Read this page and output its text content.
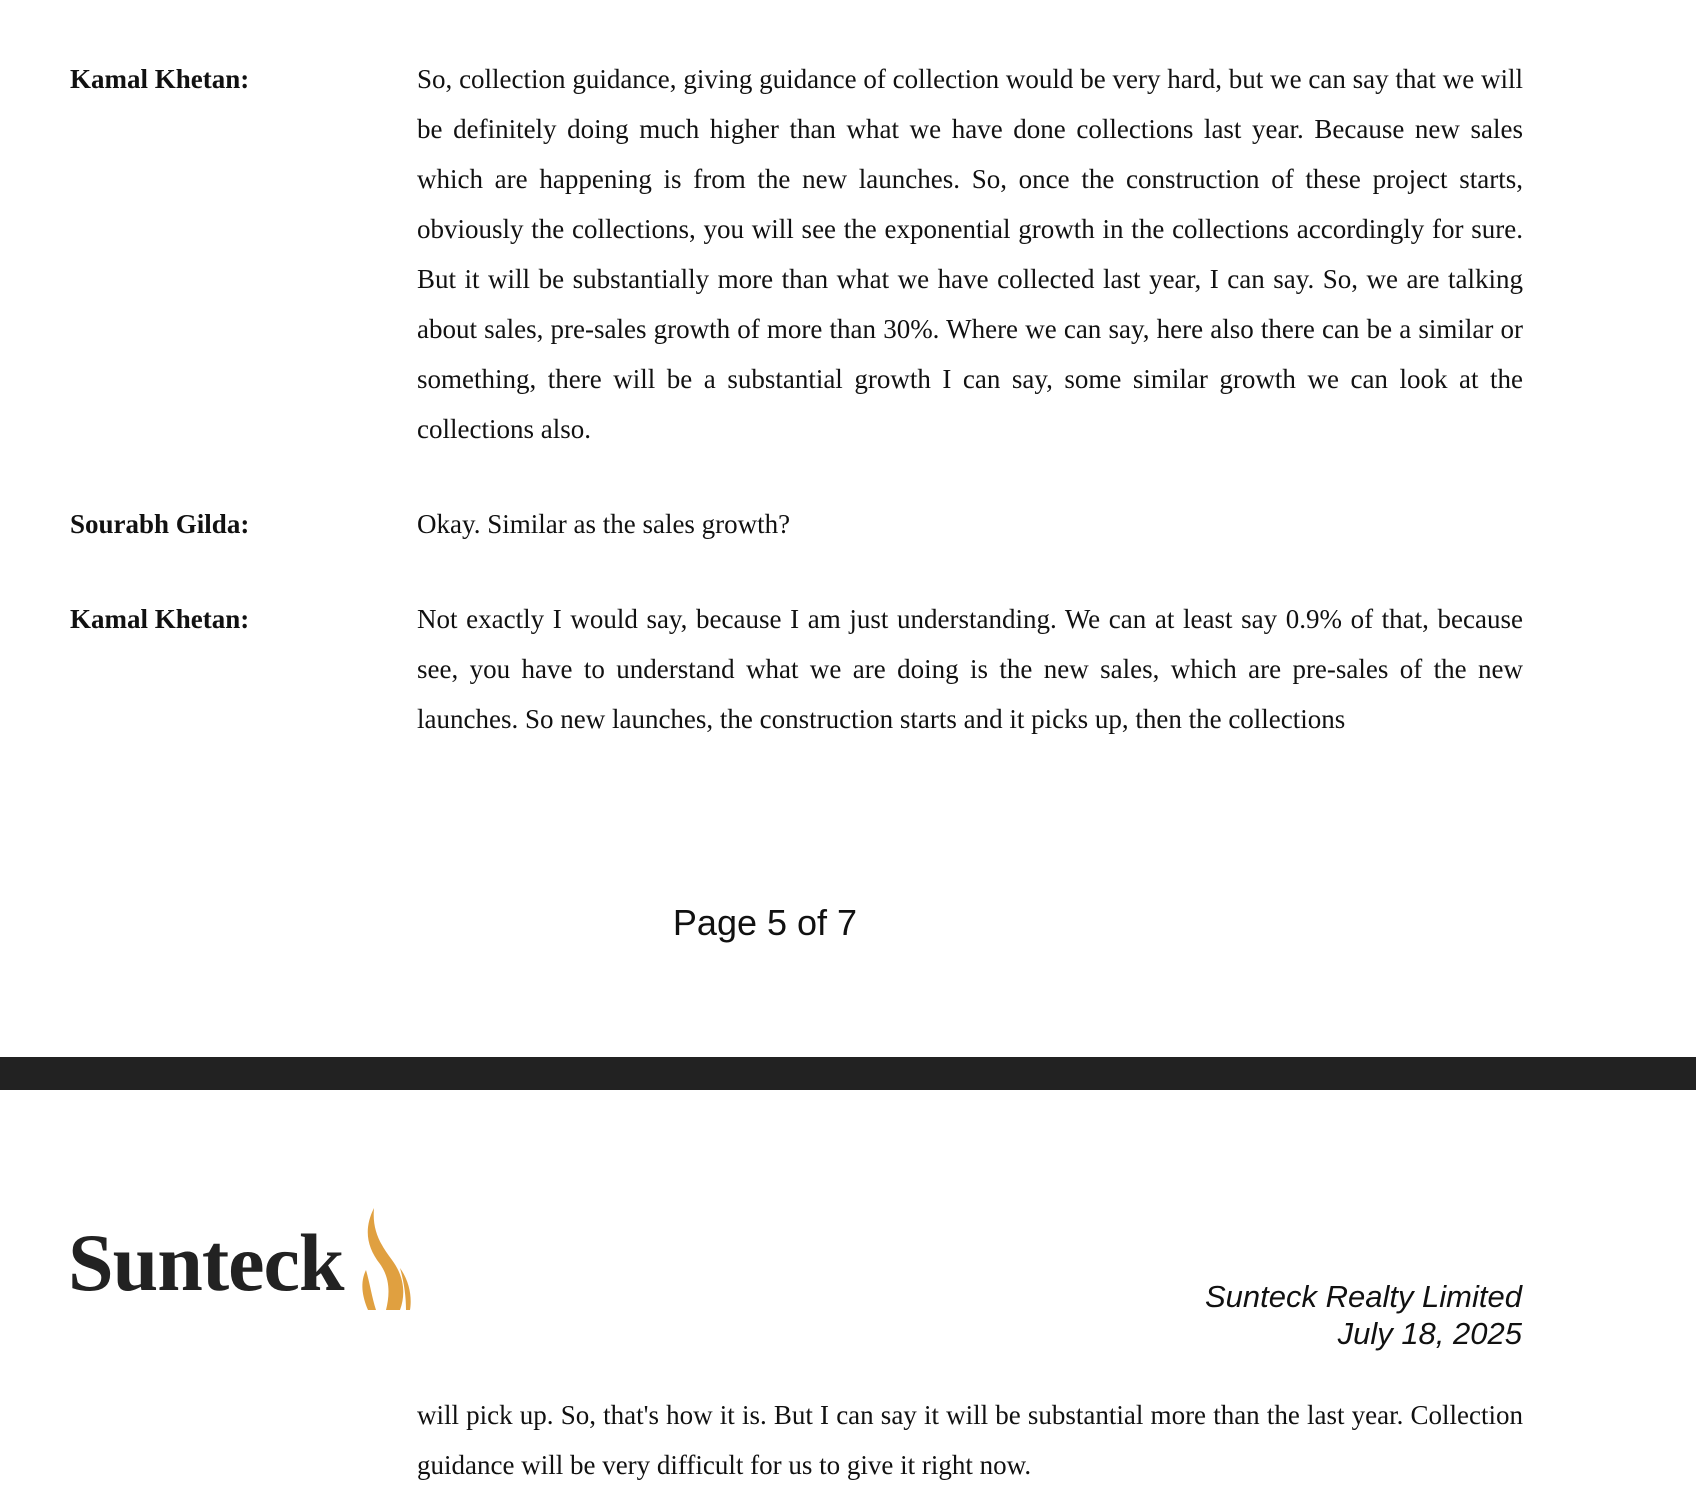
Kamal Khetan:	So, collection guidance, giving guidance of collection would be very hard, but we can say that we will be definitely doing much higher than what we have done collections last year. Because new sales which are happening is from the new launches. So, once the construction of these project starts, obviously the collections, you will see the exponential growth in the collections accordingly for sure. But it will be substantially more than what we have collected last year, I can say. So, we are talking about sales, pre-sales growth of more than 30%. Where we can say, here also there can be a similar or something, there will be a substantial growth I can say, some similar growth we can look at the collections also.
Sourabh Gilda:	Okay. Similar as the sales growth?
Kamal Khetan:	Not exactly I would say, because I am just understanding. We can at least say 0.9% of that, because see, you have to understand what we are doing is the new sales, which are pre-sales of the new launches. So new launches, the construction starts and it picks up, then the collections
Page 5 of 7
Sunteck	Sunteck Realty Limited
July 18, 2025
will pick up. So, that's how it is. But I can say it will be substantial more than the last year. Collection guidance will be very difficult for us to give it right now.
